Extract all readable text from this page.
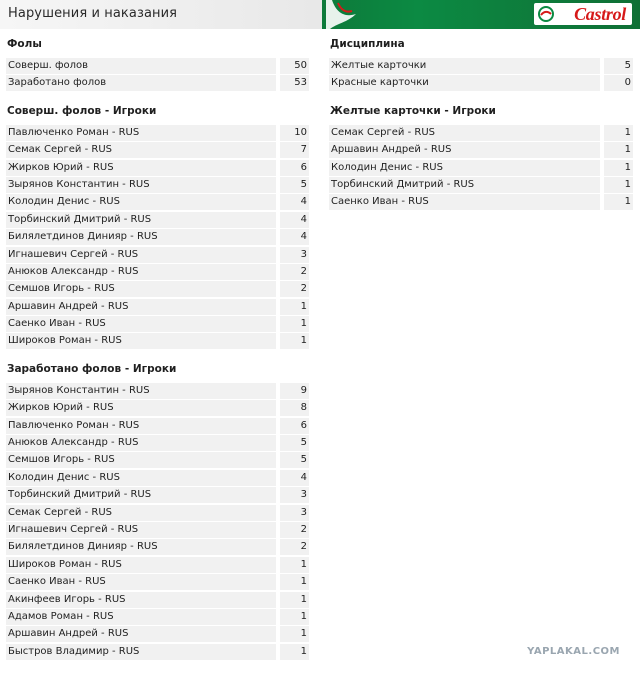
Нарушения и наказания	Castrol
Фолы
Соверш. фолов	50
Заработано фолов	53
Соверш. фолов - Игроки
Павлюченко Роман - RUS	10
Семак Сергей - RUS	7
Жирков Юрий - RUS	6
Зырянов Константин - RUS	5
Колодин Денис - RUS	4
Торбинский Дмитрий - RUS	4
Билялетдинов Динияр - RUS	4
Игнашевич Сергей - RUS	3
Анюков Александр - RUS	2
Семшов Игорь - RUS	2
Аршавин Андрей - RUS	1
Саенко Иван - RUS	1
Широков Роман - RUS	1
Заработано фолов - Игроки
Зырянов Константин - RUS	9
Жирков Юрий - RUS	8
Павлюченко Роман - RUS	6
Анюков Александр - RUS	5
Семшов Игорь - RUS	5
Колодин Денис - RUS	4
Торбинский Дмитрий - RUS	3
Семак Сергей - RUS	3
Игнашевич Сергей - RUS	2
Билялетдинов Динияр - RUS	2
Широков Роман - RUS	1
Саенко Иван - RUS	1
Акинфеев Игорь - RUS	1
Адамов Роман - RUS	1
Аршавин Андрей - RUS	1
Быстров Владимир - RUS	1
Дисциплина
Желтые карточки	5
Красные карточки	0
Желтые карточки - Игроки
Семак Сергей - RUS	1
Аршавин Андрей - RUS	1
Колодин Денис - RUS	1
Торбинский Дмитрий - RUS	1
Саенко Иван - RUS	1
YAPLAKAL.COM
